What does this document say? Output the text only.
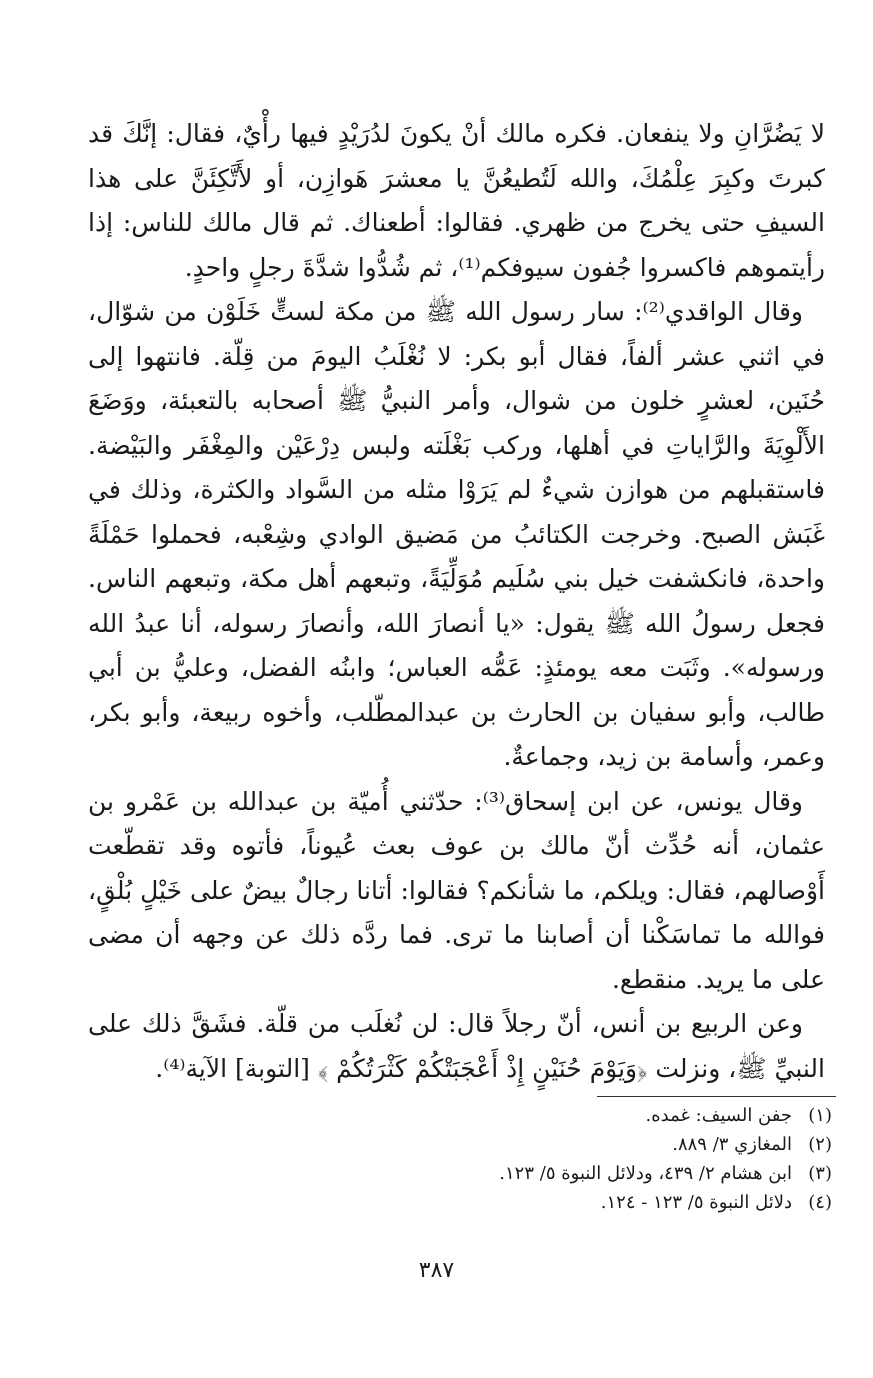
لا يَضُرَّانِ ولا ينفعان. فكره مالك أنْ يكونَ لدُرَيْدٍ فيها رأْيٌ، فقال: إنَّكَ قد كبرتَ وكبِرَ عِلْمُكَ، والله لَتُطيعُنَّ يا معشرَ هَوازِن، أو لأَتَّكِئَنَّ على هذا السيفِ حتى يخرج من ظهري. فقالوا: أطعناك. ثم قال مالك للناس: إذا رأيتموهم فاكسروا جُفون سيوفكم⁽¹⁾، ثم شُدُّوا شدَّةَ رجلٍ واحدٍ.

وقال الواقدي⁽²⁾: سار رسول الله ﷺ من مكة لستٍّ خَلَوْن من شوّال، في اثني عشر ألفاً، فقال أبو بكر: لا نُغْلَبُ اليومَ من قِلّة. فانتهوا إلى حُنَين، لعشرٍ خلون من شوال، وأمر النبيُّ ﷺ أصحابه بالتعبئة، ووَضَعَ الأَلْوِيَةَ والرَّاياتِ في أهلها، وركب بَغْلَته ولبس دِرْعَيْن والمِغْفَر والبَيْضة. فاستقبلهم من هوازن شيءٌ لم يَرَوْا مثله من السَّواد والكثرة، وذلك في غَبَش الصبح. وخرجت الكتائبُ من مَضيق الوادي وشِعْبه، فحملوا حَمْلَةً واحدة، فانكشفت خيل بني سُلَيم مُوَلِّيَةً، وتبعهم أهل مكة، وتبعهم الناس. فجعل رسولُ الله ﷺ يقول: «يا أنصارَ الله، وأنصارَ رسوله، أنا عبدُ الله ورسوله». وثَبَت معه يومئذٍ: عَمُّه العباس؛ وابنُه الفضل، وعليُّ بن أبي طالب، وأبو سفيان بن الحارث بن عبدالمطّلب، وأخوه ربيعة، وأبو بكر، وعمر، وأسامة بن زيد، وجماعةٌ.

وقال يونس، عن ابن إسحاق⁽³⁾: حدّثني أُميّة بن عبدالله بن عَمْرو بن عثمان، أنه حُدِّث أنّ مالك بن عوف بعث عُيوناً، فأتوه وقد تقطّعت أَوْصالهم، فقال: ويلكم، ما شأنكم؟ فقالوا: أتانا رجالٌ بيضٌ على خَيْلٍ بُلْقٍ، فوالله ما تماسَكْنا أن أصابنا ما ترى. فما ردَّه ذلك عن وجهه أن مضى على ما يريد. منقطع.

وعن الربيع بن أنس، أنّ رجلاً قال: لن نُغلَب من قلّة. فشَقَّ ذلك على النبيِّ ﷺ، ونزلت ﴿وَيَوْمَ حُنَيْنٍ إِذْ أَعْجَبَتْكُمْ كَثْرَتُكُمْ ﴾ [التوبة] الآية⁽⁴⁾.

(١)جفن السيف: غمده.
(٢)المغازي ٣/ ٨٨٩.
(٣)ابن هشام ٢/ ٤٣٩، ودلائل النبوة ٥/ ١٢٣.
(٤)دلائل النبوة ٥/ ١٢٣ - ١٢٤.
٣٨٧
